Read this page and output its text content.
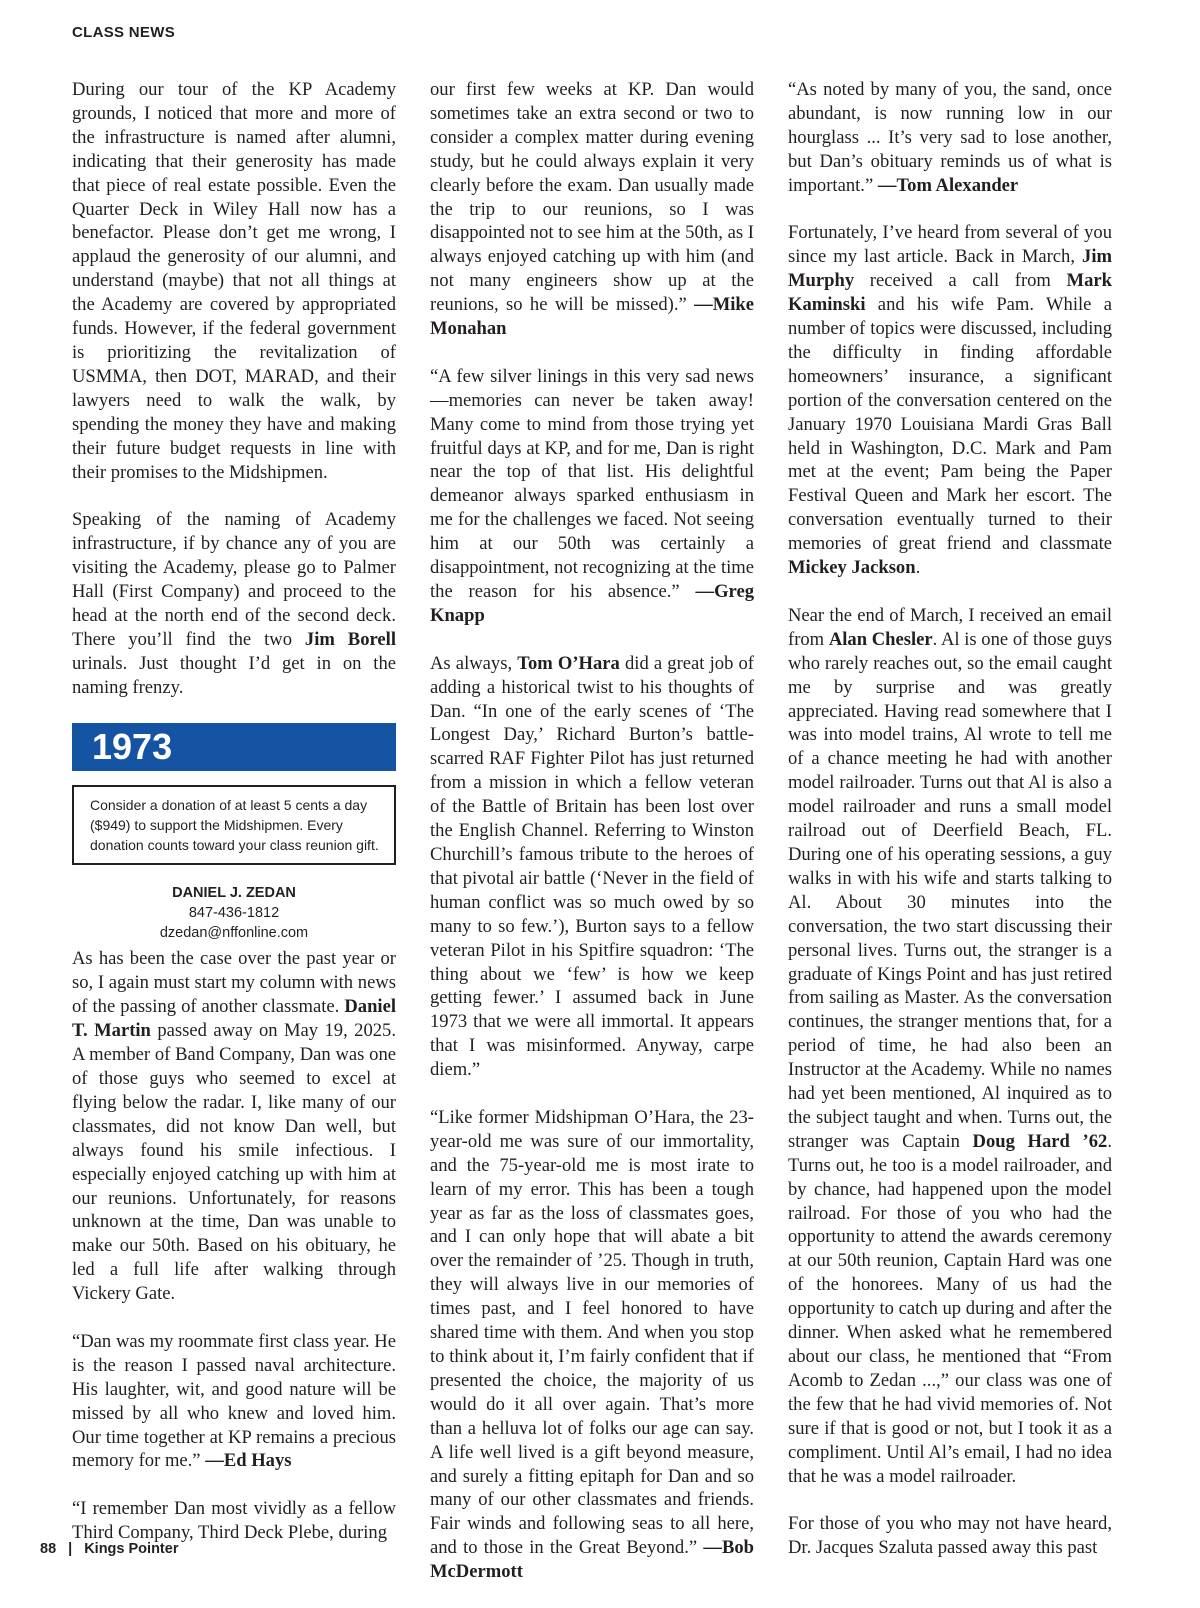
CLASS NEWS

During our tour of the KP Academy grounds, I noticed that more and more of the infrastructure is named after alumni, indicating that their generosity has made that piece of real estate possible. Even the Quarter Deck in Wiley Hall now has a benefactor. Please don’t get me wrong, I applaud the generosity of our alumni, and understand (maybe) that not all things at the Academy are covered by appropriated funds. However, if the federal government is prioritizing the revitalization of USMMA, then DOT, MARAD, and their lawyers need to walk the walk, by spending the money they have and making their future budget requests in line with their promises to the Midshipmen.

Speaking of the naming of Academy infrastructure, if by chance any of you are visiting the Academy, please go to Palmer Hall (First Company) and proceed to the head at the north end of the second deck. There you’ll find the two Jim Borell urinals. Just thought I’d get in on the naming frenzy.

1973
Consider a donation of at least 5 cents a day ($949) to support the Midshipmen. Every donation counts toward your class reunion gift.
DANIEL J. ZEDAN
847-436-1812
dzedan@nffonline.com

As has been the case over the past year or so, I again must start my column with news of the passing of another classmate. Daniel T. Martin passed away on May 19, 2025. A member of Band Company, Dan was one of those guys who seemed to excel at flying below the radar. I, like many of our classmates, did not know Dan well, but always found his smile infectious. I especially enjoyed catching up with him at our reunions. Unfortunately, for reasons unknown at the time, Dan was unable to make our 50th. Based on his obituary, he led a full life after walking through Vickery Gate.

“Dan was my roommate first class year. He is the reason I passed naval architecture. His laughter, wit, and good nature will be missed by all who knew and loved him. Our time together at KP remains a precious memory for me.” —Ed Hays

“I remember Dan most vividly as a fellow Third Company, Third Deck Plebe, during

our first few weeks at KP. Dan would sometimes take an extra second or two to consider a complex matter during evening study, but he could always explain it very clearly before the exam. Dan usually made the trip to our reunions, so I was disappointed not to see him at the 50th, as I always enjoyed catching up with him (and not many engineers show up at the reunions, so he will be missed).” —Mike Monahan

“A few silver linings in this very sad news—memories can never be taken away! Many come to mind from those trying yet fruitful days at KP, and for me, Dan is right near the top of that list. His delightful demeanor always sparked enthusiasm in me for the challenges we faced. Not seeing him at our 50th was certainly a disappointment, not recognizing at the time the reason for his absence.” —Greg Knapp

As always, Tom O’Hara did a great job of adding a historical twist to his thoughts of Dan. “In one of the early scenes of ‘The Longest Day,’ Richard Burton’s battle-scarred RAF Fighter Pilot has just returned from a mission in which a fellow veteran of the Battle of Britain has been lost over the English Channel. Referring to Winston Churchill’s famous tribute to the heroes of that pivotal air battle (‘Never in the field of human conflict was so much owed by so many to so few.’), Burton says to a fellow veteran Pilot in his Spitfire squadron: ‘The thing about we ‘few’ is how we keep getting fewer.’ I assumed back in June 1973 that we were all immortal. It appears that I was misinformed. Anyway, carpe diem.”

“Like former Midshipman O’Hara, the 23-year-old me was sure of our immortality, and the 75-year-old me is most irate to learn of my error. This has been a tough year as far as the loss of classmates goes, and I can only hope that will abate a bit over the remainder of ’25. Though in truth, they will always live in our memories of times past, and I feel honored to have shared time with them. And when you stop to think about it, I’m fairly confident that if presented the choice, the majority of us would do it all over again. That’s more than a helluva lot of folks our age can say. A life well lived is a gift beyond measure, and surely a fitting epitaph for Dan and so many of our other classmates and friends. Fair winds and following seas to all here, and to those in the Great Beyond.” —Bob McDermott

“As noted by many of you, the sand, once abundant, is now running low in our hourglass ... It’s very sad to lose another, but Dan’s obituary reminds us of what is important.” —Tom Alexander

Fortunately, I’ve heard from several of you since my last article. Back in March, Jim Murphy received a call from Mark Kaminski and his wife Pam. While a number of topics were discussed, including the difficulty in finding affordable homeowners’ insurance, a significant portion of the conversation centered on the January 1970 Louisiana Mardi Gras Ball held in Washington, D.C. Mark and Pam met at the event; Pam being the Paper Festival Queen and Mark her escort. The conversation eventually turned to their memories of great friend and classmate Mickey Jackson.

Near the end of March, I received an email from Alan Chesler. Al is one of those guys who rarely reaches out, so the email caught me by surprise and was greatly appreciated. Having read somewhere that I was into model trains, Al wrote to tell me of a chance meeting he had with another model railroader. Turns out that Al is also a model railroader and runs a small model railroad out of Deerfield Beach, FL. During one of his operating sessions, a guy walks in with his wife and starts talking to Al. About 30 minutes into the conversation, the two start discussing their personal lives. Turns out, the stranger is a graduate of Kings Point and has just retired from sailing as Master. As the conversation continues, the stranger mentions that, for a period of time, he had also been an Instructor at the Academy. While no names had yet been mentioned, Al inquired as to the subject taught and when. Turns out, the stranger was Captain Doug Hard ’62. Turns out, he too is a model railroader, and by chance, had happened upon the model railroad. For those of you who had the opportunity to attend the awards ceremony at our 50th reunion, Captain Hard was one of the honorees. Many of us had the opportunity to catch up during and after the dinner. When asked what he remembered about our class, he mentioned that “From Acomb to Zedan ...,” our class was one of the few that he had vivid memories of. Not sure if that is good or not, but I took it as a compliment. Until Al’s email, I had no idea that he was a model railroader.

For those of you who may not have heard, Dr. Jacques Szaluta passed away this past

88 | Kings Pointer
